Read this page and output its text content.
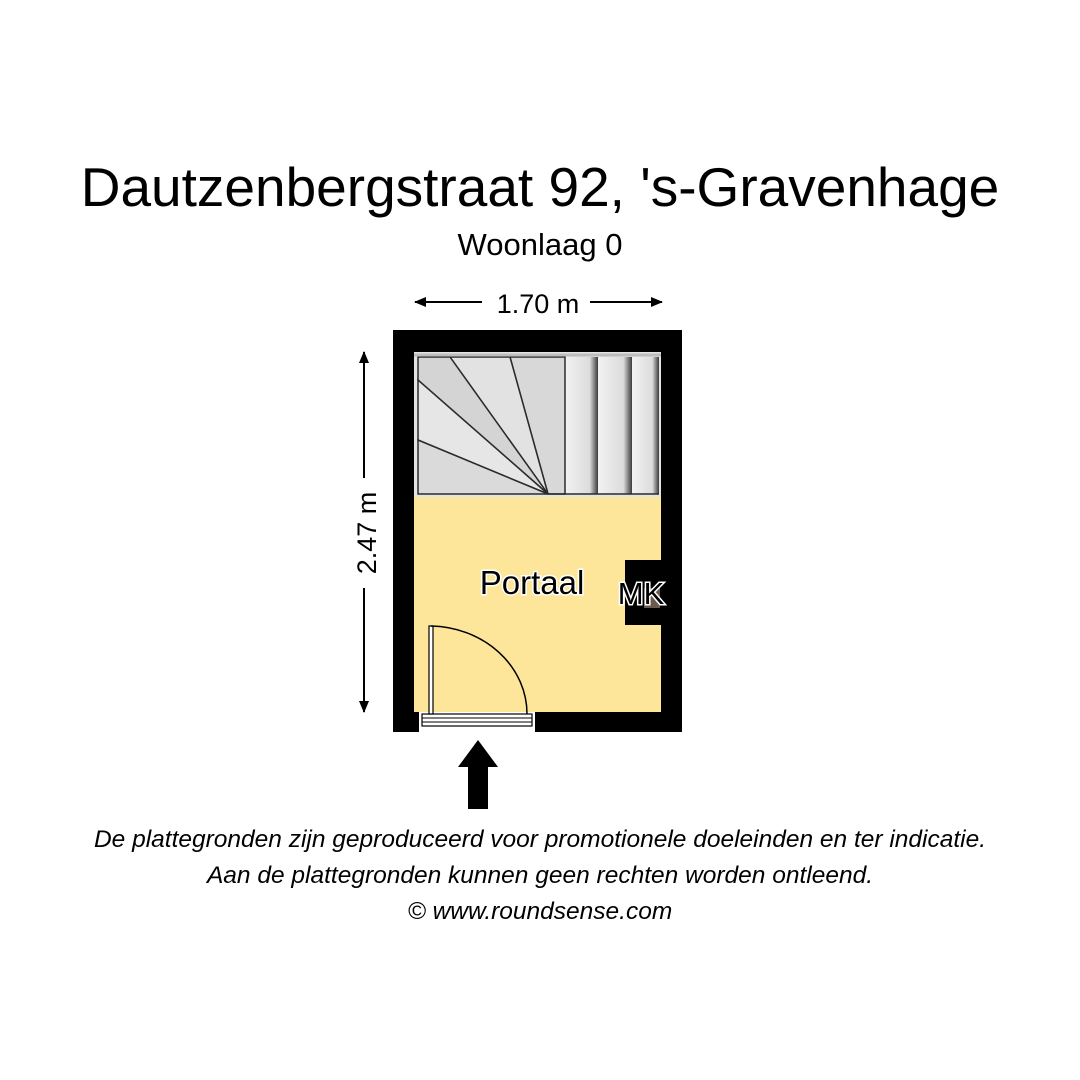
Dautzenbergstraat 92, 's-Gravenhage
Woonlaag 0
1.70 m
2.47 m
MK
Portaal
De plattegronden zijn geproduceerd voor promotionele doeleinden en ter indicatie.
Aan de plattegronden kunnen geen rechten worden ontleend.
© www.roundsense.com
